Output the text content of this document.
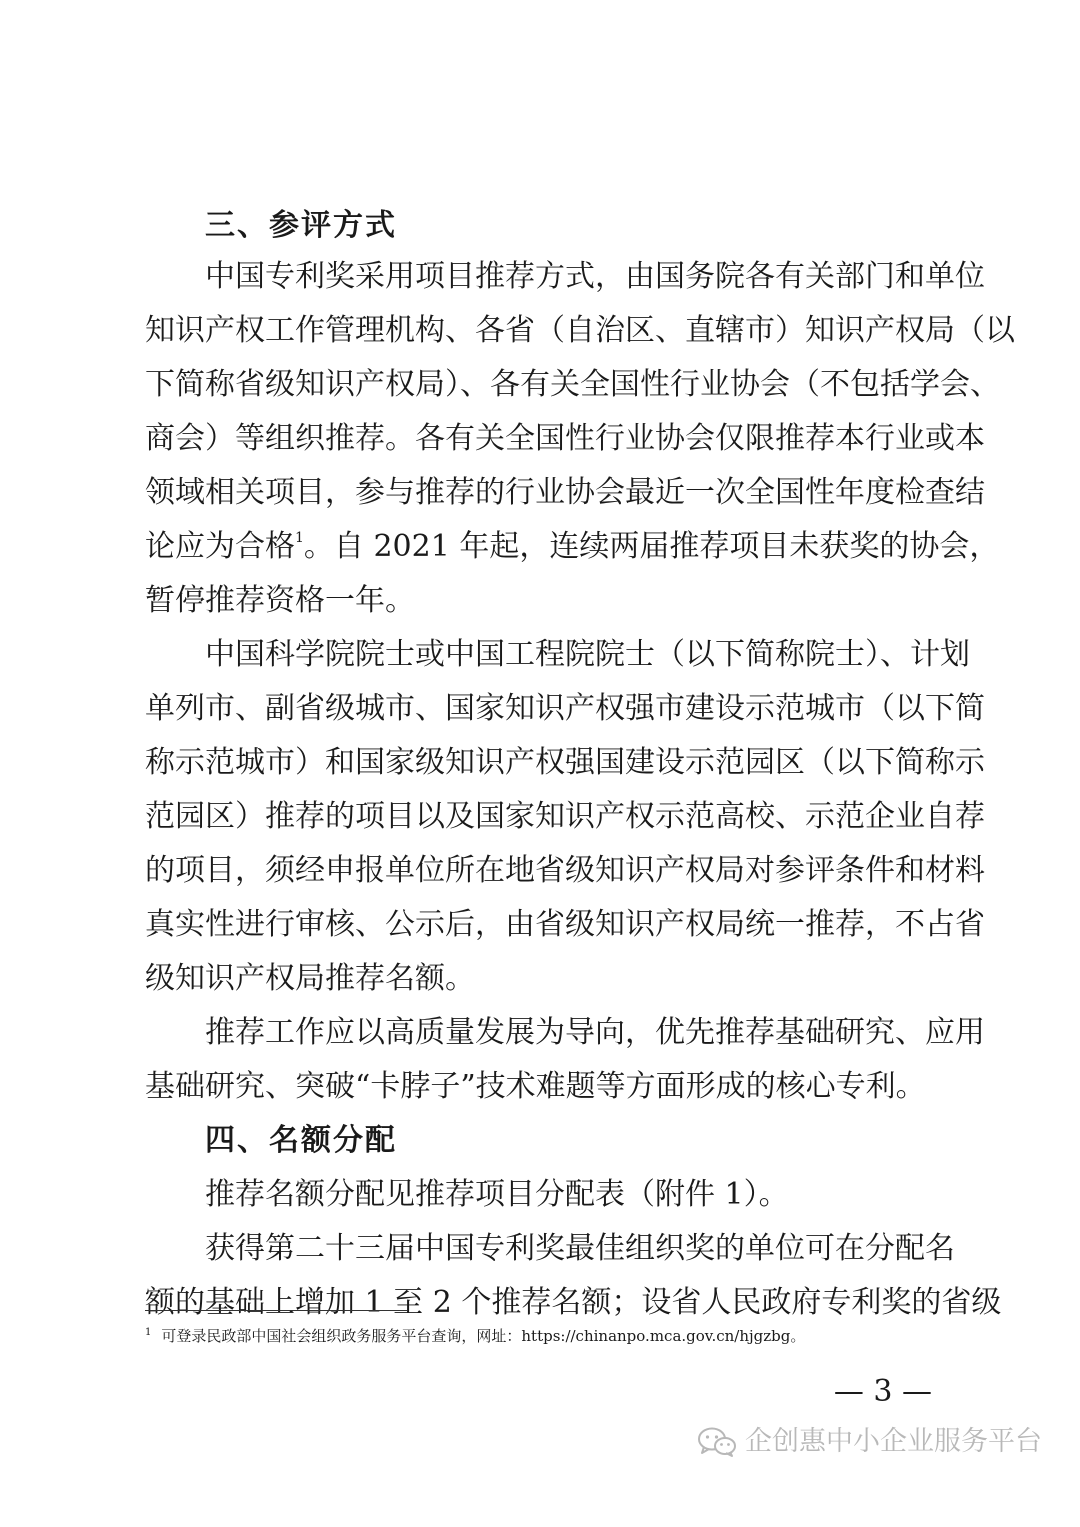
三、参评方式

中国专利奖采用项目推荐方式，由国务院各有关部门和单位

知识产权工作管理机构、各省（自治区、直辖市）知识产权局（以

下简称省级知识产权局）、各有关全国性行业协会（不包括学会、

商会）等组织推荐。各有关全国性行业协会仅限推荐本行业或本

领域相关项目，参与推荐的行业协会最近一次全国性年度检查结

论应为合格$^1$。自 2021 年起，连续两届推荐项目未获奖的协会，

暂停推荐资格一年。

中国科学院院士或中国工程院院士（以下简称院士）、计划

单列市、副省级城市、国家知识产权强市建设示范城市（以下简

称示范城市）和国家级知识产权强国建设示范园区（以下简称示

范园区）推荐的项目以及国家知识产权示范高校、示范企业自荐

的项目，须经申报单位所在地省级知识产权局对参评条件和材料

真实性进行审核、公示后，由省级知识产权局统一推荐，不占省

级知识产权局推荐名额。

推荐工作应以高质量发展为导向，优先推荐基础研究、应用

基础研究、突破“卡脖子”技术难题等方面形成的核心专利。

四、名额分配

推荐名额分配见推荐项目分配表（附件 1）。

获得第二十三届中国专利奖最佳组织奖的单位可在分配名

额的基础上增加 1 至 2 个推荐名额；设省人民政府专利奖的省级

$^1$ 可登录民政部中国社会组织政务服务平台查询，网址：https://chinanpo.mca.gov.cn/hjgzbg。
— 3 —
企创惠中小企业服务平台
